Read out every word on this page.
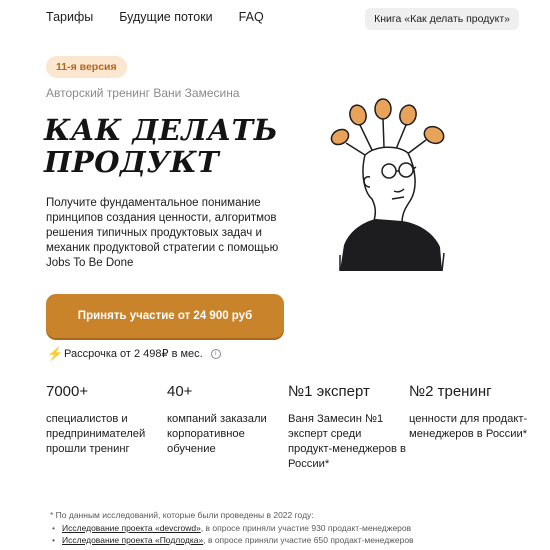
Тарифы Будущие потоки FAQ	Книга «Как делать продукт»
11-я версия
Авторский тренинг Вани Замесина
КАК ДЕЛАТЬ
ПРОДУКТ

Получите фундаментальное понимание принципов создания ценности, алгоритмов решения типичных продуктовых задач и механик продуктовой стратегии с помощью Jobs To Be Done

Принять участие от 24 900 руб
⚡ Рассрочка от 2 498₽ в мес.	i
7000+
специалистов и предпринимателей прошли тренинг
40+
компаний заказали корпоративное обучение
№1 эксперт
Ваня Замесин №1 эксперт среди продукт-менеджеров в России*
№2 тренинг
ценности для продакт-менеджеров в России*
* По данным исследований, которые были проведены в 2022 году:
• Исследование проекта «devcrowd», в опросе приняли участие 930 продакт-менеджеров
• Исследование проекта «Подлодка», в опросе приняли участие 650 продакт-менеджеров
